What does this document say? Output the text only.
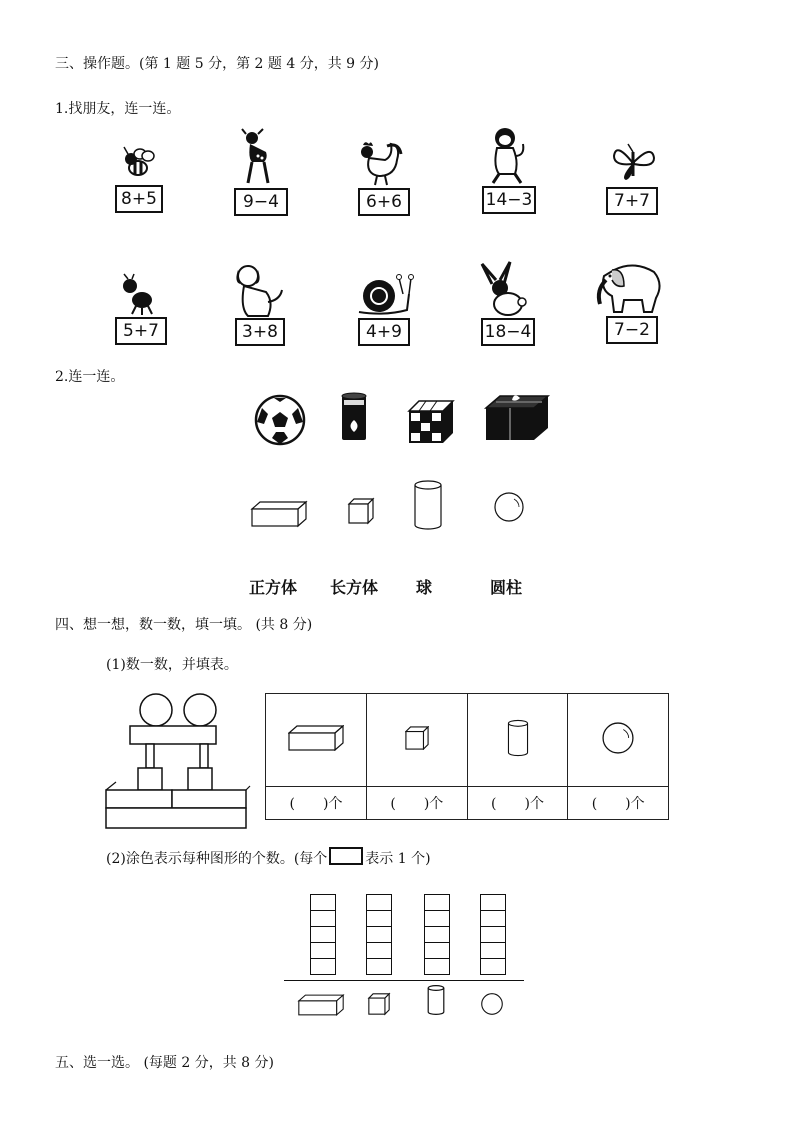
三、操作题。(第 1 题 5 分，第 2 题 4 分，共 9 分)
1.找朋友，连一连。
8+5	9−4	6+6	14−3	7+7
5+7	3+8	4+9	18−4	7−2
2.连一连。
正方体 长方体 球	圆柱
四、想一想，数一数，填一填。 (共 8 分)
(1)数一数，并填表。

(　　)个	(　　)个	(　　)个	(　　)个
(2)涂色表示每种图形的个数。(每个	表示 1 个)
五、选一选。 (每题 2 分，共 8 分)
